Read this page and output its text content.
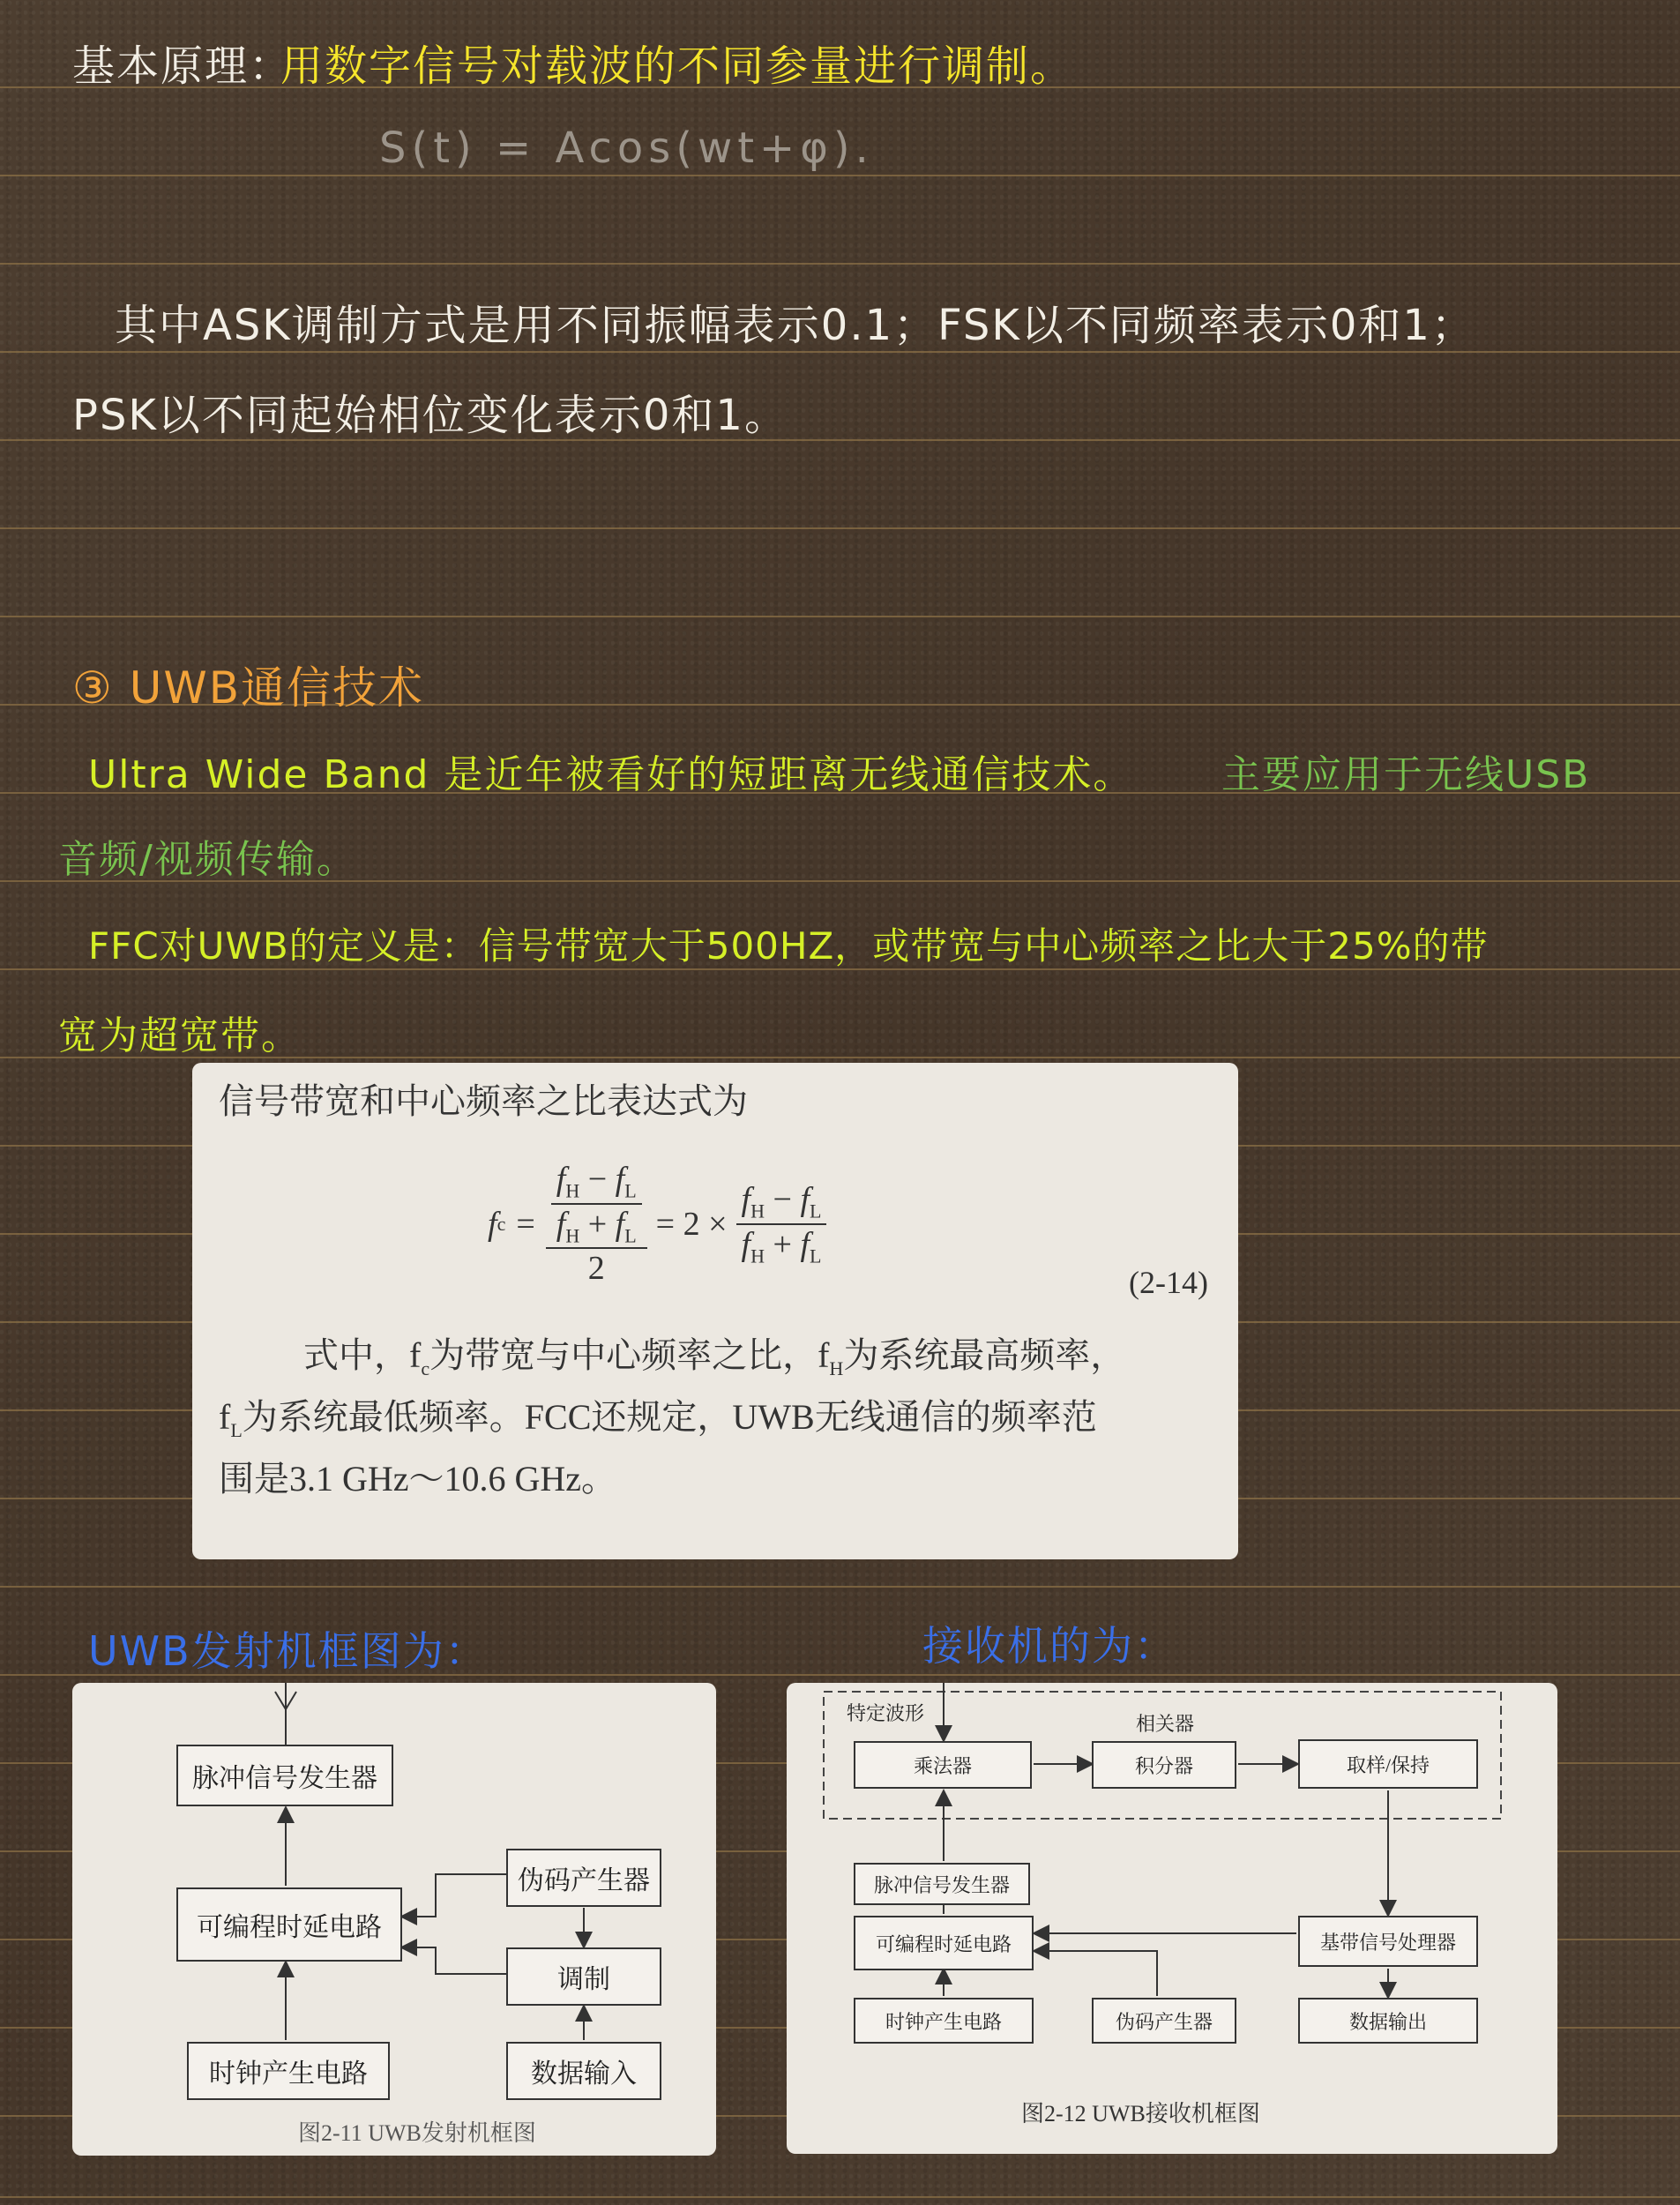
基本原理：
用数字信号对载波的不同参量进行调制。
S(t) = Acos(wt+φ).
其中ASK调制方式是用不同振幅表示0.1；FSK以不同频率表示0和1；
PSK以不同起始相位变化表示0和1。
③ UWB通信技术
Ultra Wide Band 是近年被看好的短距离无线通信技术。 主要应用于无线USB
音频/视频传输。
FFC对UWB的定义是：信号带宽大于500HZ，或带宽与中心频率之比大于25%的带
宽为超宽带。
信号带宽和中心频率之比表达式为
f $c = \frac{\frac{f_H - f_L}{f_H + f_L}}{2} = 2 \times \frac{f_H - f_L}{f_H + f_L}$
(2-14)
式中，$f_c$为带宽与中心频率之比，$f_H$为系统最高频率，
$f_L$为系统最低频率。FCC还规定，UWB无线通信的频率范
围是3.1 GHz～10.6 GHz。
UWB发射机框图为：	接收机的为：
脉冲信号发生器
可编程时延电路
伪码产生器
调制
时钟产生电路	数据输入
图2-11 UWB发射机框图
特定波形	相关器
乘法器	积分器	取样/保持
脉冲信号发生器
可编程时延电路	基带信号处理器
时钟产生电路	伪码产生器	数据输出
图2-12 UWB接收机框图
